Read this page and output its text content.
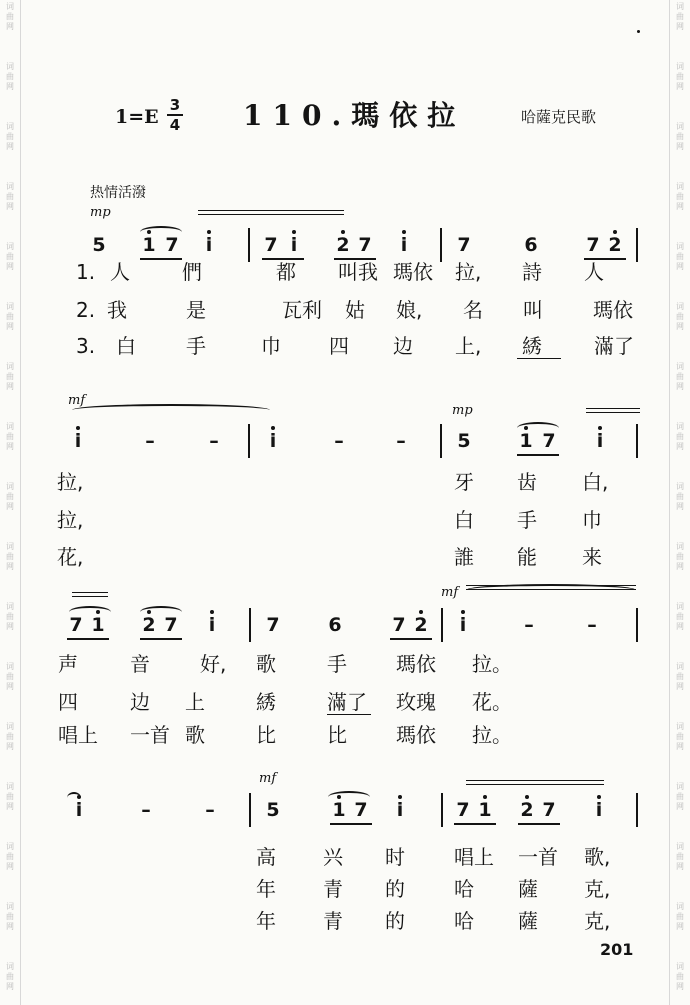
词
曲
网
词
曲
网
词
曲
网
词
曲
网
词
曲
网
词
曲
网
词
曲
网
词
曲
网
词
曲
网
词
曲
网
词
曲
网
词
曲
网
词
曲
网
词
曲
网
词
曲
网
词
曲
网
词
曲
网
词
曲
网
词
曲
网
词
曲
网
词
曲
网
词
曲
网
词
曲
网
词
曲
网
词
曲
网
词
曲
网
词
曲
网
词
曲
网
词
曲
网
词
曲
网
词
曲
网
词
曲
网
词
曲
网
词
曲
网
1=E
3
4 110.瑪依拉	哈薩克民歌
热情活潑
mp
mf
mp
mf
mf
5 1 7	i	7 i	2 7	i	7	6	7 2
i	–	–	i	–	–	5	1 7	i
7 1 2 7	i	7	6	7 2	i	–	–
i	–	–	5	1 7	i	7 1 2 7	i
1. 人	們	都	叫我 瑪依 拉,	詩	人
2. 我	是	瓦利 姑	娘,	名	叫	瑪依
3.	白	手	巾	四	边	上,	綉	滿了
拉,	牙	齿	白,
拉,	白	手	巾
花,	誰	能	来
声	音	好,	歌	手	瑪依 拉。
四	边	上	綉	滿了 玫瑰 花。
唱上 一首 歌	比	比	瑪依 拉。
高	兴	时	唱上 一首 歌,
年	青	的	哈	薩	克,
年	青	的	哈	薩	克,
201
